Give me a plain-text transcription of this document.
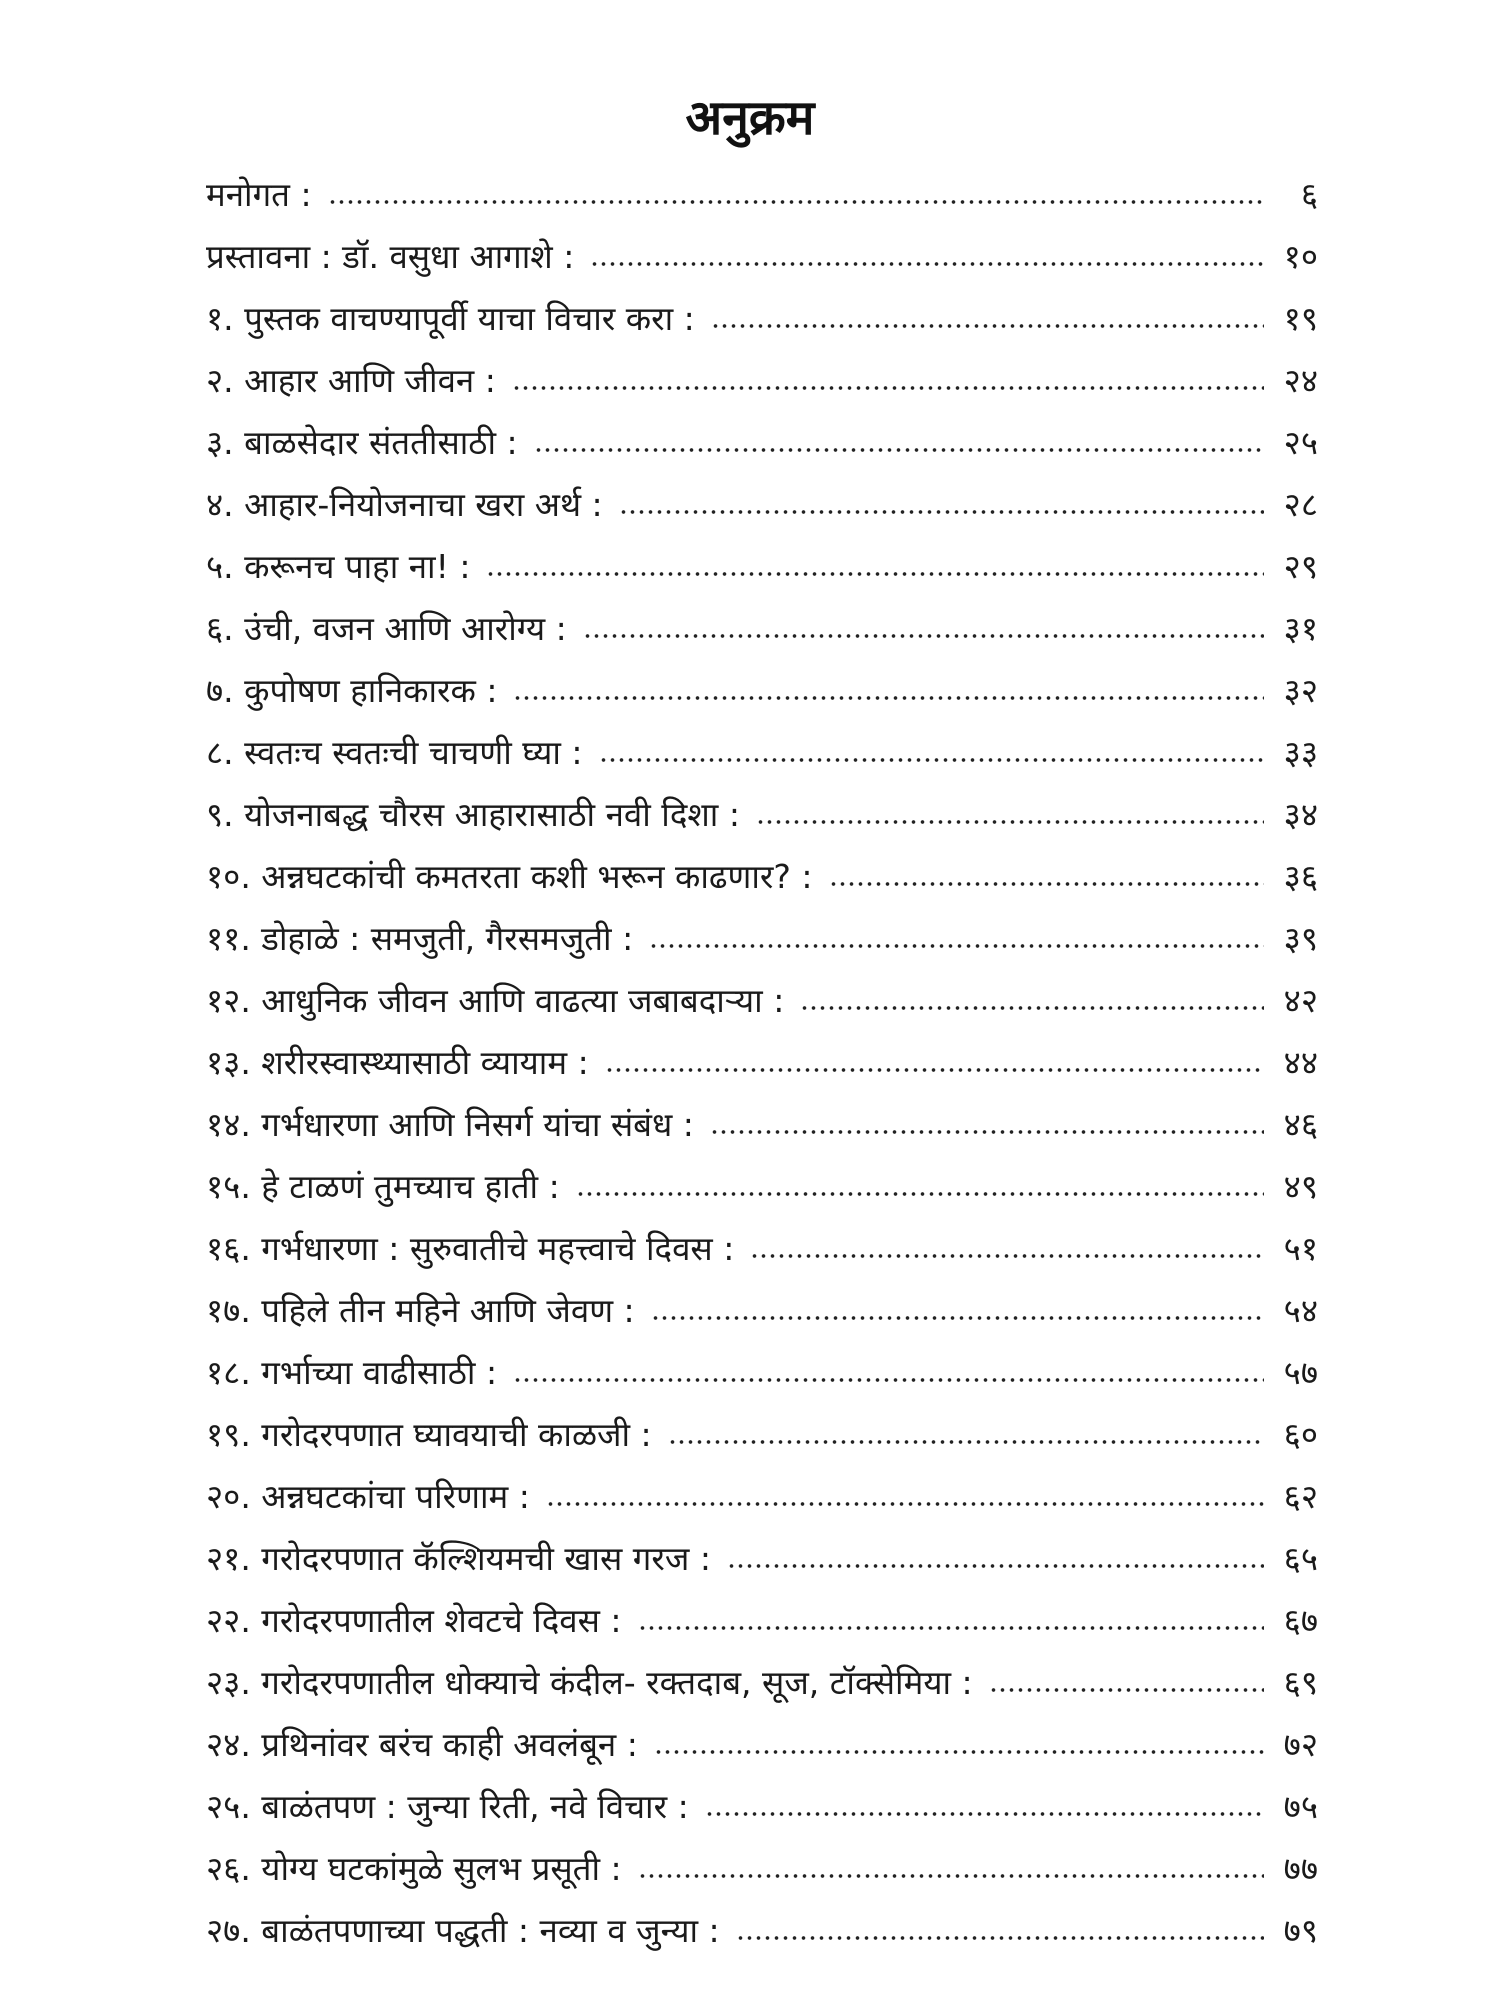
अनुक्रम
मनोगत :	६
प्रस्तावना : डॉ. वसुधा आगाशे :	१०
१. पुस्तक वाचण्यापूर्वी याचा विचार करा :	१९
२. आहार आणि जीवन :	२४
३. बाळसेदार संततीसाठी :	२५
४. आहार-नियोजनाचा खरा अर्थ :	२८
५. करूनच पाहा ना! :	२९
६. उंची, वजन आणि आरोग्य :	३१
७. कुपोषण हानिकारक :	३२
८. स्वतःच स्वतःची चाचणी घ्या :	३३
९. योजनाबद्ध चौरस आहारासाठी नवी दिशा :	३४
१०. अन्नघटकांची कमतरता कशी भरून काढणार? :	३६
११. डोहाळे : समजुती, गैरसमजुती :	३९
१२. आधुनिक जीवन आणि वाढत्या जबाबदाऱ्या :	४२
१३. शरीरस्वास्थ्यासाठी व्यायाम :	४४
१४. गर्भधारणा आणि निसर्ग यांचा संबंध :	४६
१५. हे टाळणं तुमच्याच हाती :	४९
१६. गर्भधारणा : सुरुवातीचे महत्त्वाचे दिवस :	५१
१७. पहिले तीन महिने आणि जेवण :	५४
१८. गर्भाच्या वाढीसाठी :	५७
१९. गरोदरपणात घ्यावयाची काळजी :	६०
२०. अन्नघटकांचा परिणाम :	६२
२१. गरोदरपणात कॅल्शियमची खास गरज :	६५
२२. गरोदरपणातील शेवटचे दिवस :	६७
२३. गरोदरपणातील धोक्याचे कंदील- रक्तदाब, सूज, टॉक्सेमिया :	६९
२४. प्रथिनांवर बरंच काही अवलंबून :	७२
२५. बाळंतपण : जुन्या रिती, नवे विचार :	७५
२६. योग्य घटकांमुळे सुलभ प्रसूती :	७७
२७. बाळंतपणाच्या पद्धती : नव्या व जुन्या :	७९
